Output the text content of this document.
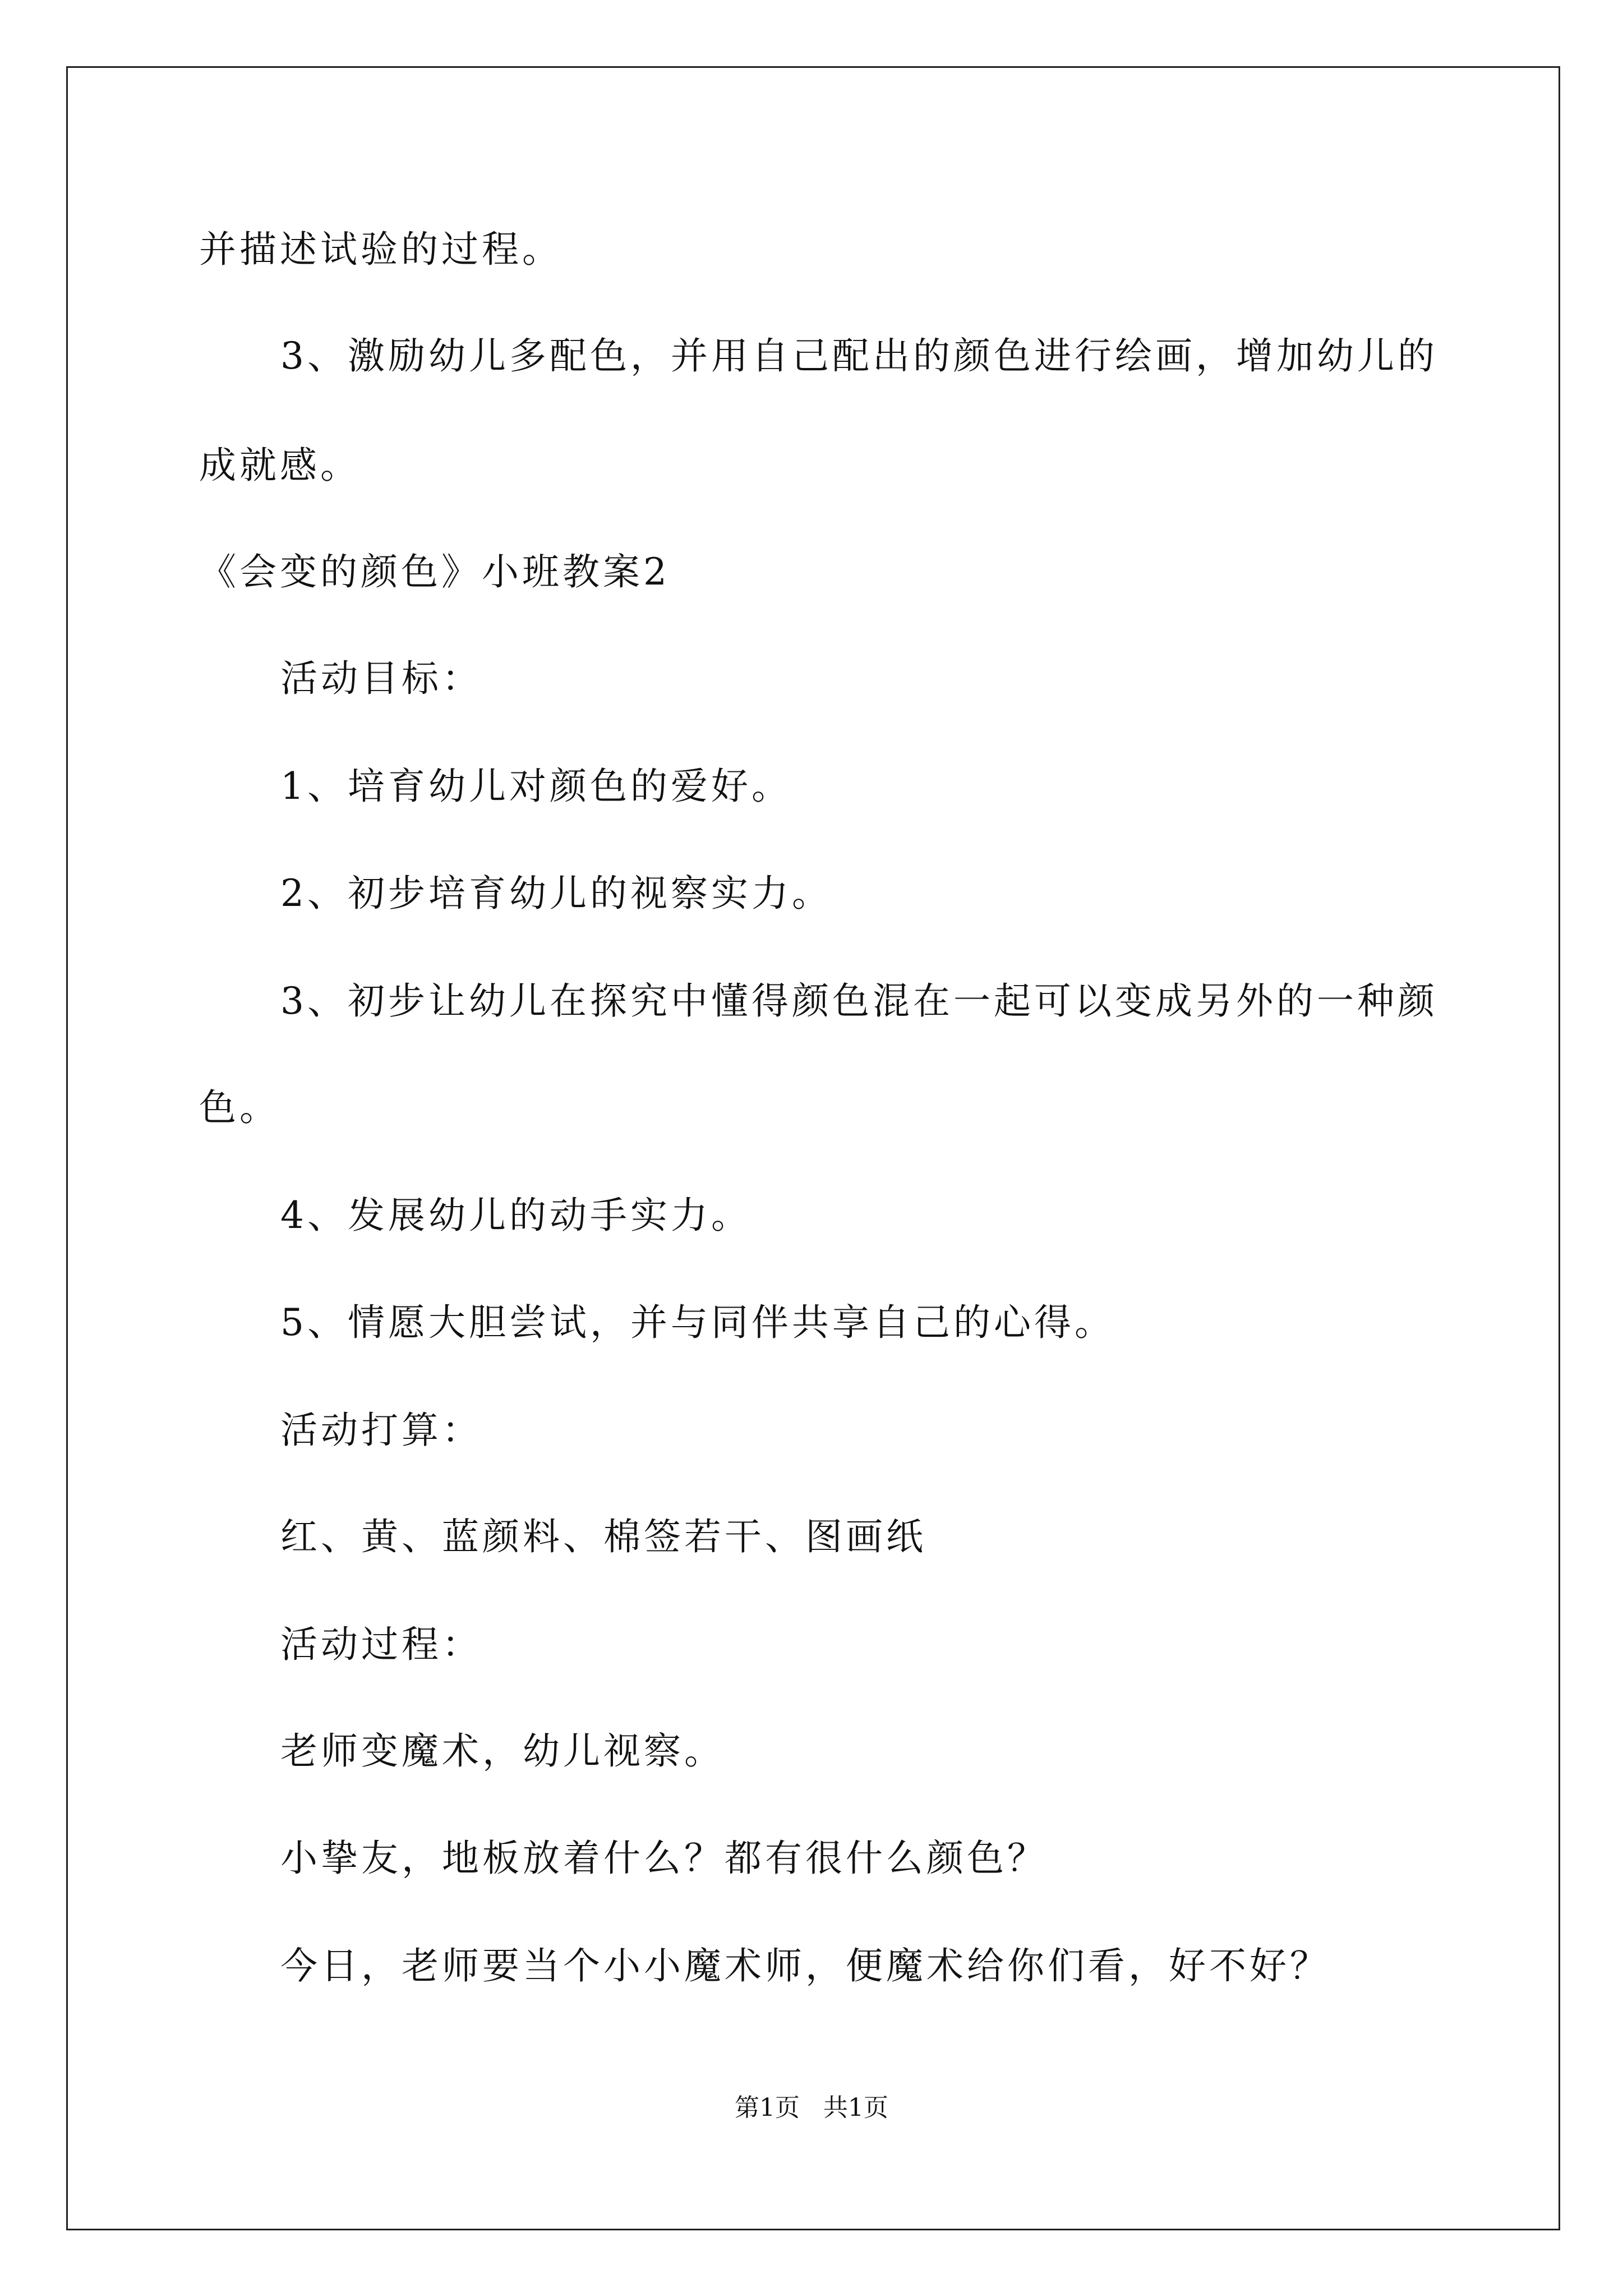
并描述试验的过程。
3、激励幼儿多配色，并用自己配出的颜色进行绘画，增加幼儿的
成就感。
《会变的颜色》小班教案2
活动目标：
1、培育幼儿对颜色的爱好。
2、初步培育幼儿的视察实力。
3、初步让幼儿在探究中懂得颜色混在一起可以变成另外的一种颜
色。
4、发展幼儿的动手实力。
5、情愿大胆尝试，并与同伴共享自己的心得。
活动打算：
红、黄、蓝颜料、棉签若干、图画纸
活动过程：
老师变魔术，幼儿视察。
小挚友，地板放着什么？都有很什么颜色？
今日，老师要当个小小魔术师，便魔术给你们看，好不好？
第1页 共1页
